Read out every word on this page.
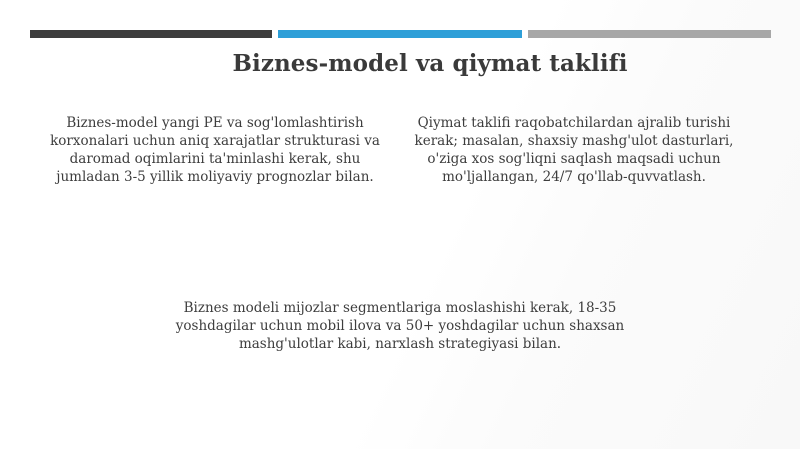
Biznes-model va qiymat taklifi
Biznes-model yangi PE va sog'lomlashtirish korxonalari uchun aniq xarajatlar strukturasi va daromad oqimlarini ta'minlashi kerak, shu jumladan 3-5 yillik moliyaviy prognozlar bilan.
Qiymat taklifi raqobatchilardan ajralib turishi kerak; masalan, shaxsiy mashg'ulot dasturlari, o'ziga xos sog'liqni saqlash maqsadi uchun mo'ljallangan, 24/7 qo'llab-quvvatlash.
Biznes modeli mijozlar segmentlariga moslashishi kerak, 18-35 yoshdagilar uchun mobil ilova va 50+ yoshdagilar uchun shaxsan mashg'ulotlar kabi, narxlash strategiyasi bilan.
